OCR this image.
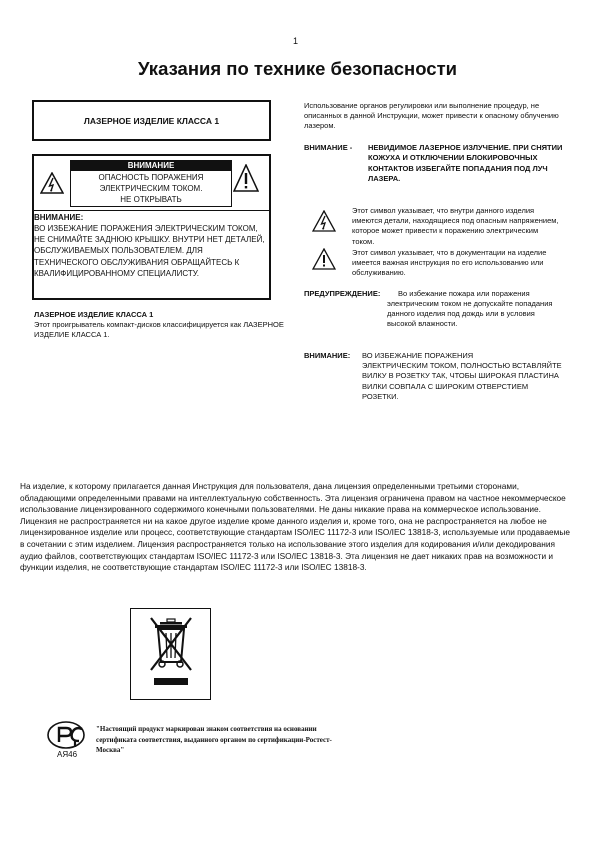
1
Указания по технике безопасности
ЛАЗЕРНОЕ ИЗДЕЛИЕ КЛАССА 1
ВНИМАНИЕ
ОПАСНОСТЬ ПОРАЖЕНИЯ
ЭЛЕКТРИЧЕСКИМ ТОКОМ.
НЕ ОТКРЫВАТЬ
ВНИМАНИЕ:
ВО ИЗБЕЖАНИЕ ПОРАЖЕНИЯ ЭЛЕКТРИЧЕСКИМ ТОКОМ, НЕ СНИМАЙТЕ ЗАДНЮЮ КРЫШКУ. ВНУТРИ НЕТ ДЕТАЛЕЙ, ОБСЛУЖИВАЕМЫХ ПОЛЬЗОВАТЕЛЕМ. ДЛЯ ТЕХНИЧЕСКОГО ОБСЛУЖИВАНИЯ ОБРАЩАЙТЕСЬ К КВАЛИФИЦИРОВАННОМУ СПЕЦИАЛИСТУ.
ЛАЗЕРНОЕ ИЗДЕЛИЕ КЛАССА 1
Этот проигрыватель компакт-дисков классифицируется как ЛАЗЕРНОЕ ИЗДЕЛИЕ КЛАССА 1.
Использование органов регулировки или выполнение процедур, не описанных в данной Инструкции, может привести к опасному облучению лазером.
ВНИМАНИЕ - НЕВИДИМОЕ ЛАЗЕРНОЕ ИЗЛУЧЕНИЕ. ПРИ СНЯТИИ КОЖУХА И ОТКЛЮЧЕНИИ БЛОКИРОВОЧНЫХ КОНТАКТОВ ИЗБЕГАЙТЕ ПОПАДАНИЯ ПОД ЛУЧ ЛАЗЕРА.
Этот символ указывает, что внутри данного изделия имеются детали, находящиеся под опасным напряжением, которое может привести к поражению электрическим током.
Этот символ указывает, что в документации на изделие имеется важная инструкция по его использованию или обслуживанию.
ПРЕДУПРЕЖДЕНИЕ: Во избежание пожара или поражения
электрическим током не допускайте попадания данного изделия под дождь или в условия высокой влажности.
ВНИМАНИЕ: ВО ИЗБЕЖАНИЕ ПОРАЖЕНИЯ
ЭЛЕКТРИЧЕСКИМ ТОКОМ, ПОЛНОСТЬЮ ВСТАВЛЯЙТЕ ВИЛКУ В РОЗЕТКУ ТАК, ЧТОБЫ ШИРОКАЯ ПЛАСТИНА ВИЛКИ СОВПАЛА С ШИРОКИМ ОТВЕРСТИЕМ РОЗЕТКИ.
На изделие, к которому прилагается данная Инструкция для пользователя, дана лицензия определенными третьими сторонами, обладающими определенными правами на интеллектуальную собственность. Эта лицензия ограничена правом на частное некоммерческое использование лицензированного содержимого конечными пользователями. Не даны никакие права на коммерческое использование. Лицензия не распространяется ни на какое другое изделие кроме данного изделия и, кроме того, она не распространяется на любое не лицензированное изделие или процесс, соответствующие стандартам ISO/IEC 11172-3 или ISO/IEC 13818-3, используемые или продаваемые в сочетании с этим изделием. Лицензия распространяется только на использование этого изделия для кодирования и/или декодирования аудио файлов, соответствующих стандартам ISO/IEC 11172-3 или ISO/IEC 13818-3. Эта лицензия не дает никаких прав на возможности и функции изделия, не соответствующие стандартам ISO/IEC 11172-3 или ISO/IEC 13818-3.
АЯ46
"Настоящий продукт маркирован знаком соответствия на основании сертификата соответствия, выданного органом по сертификации-Ростест-Москва"
